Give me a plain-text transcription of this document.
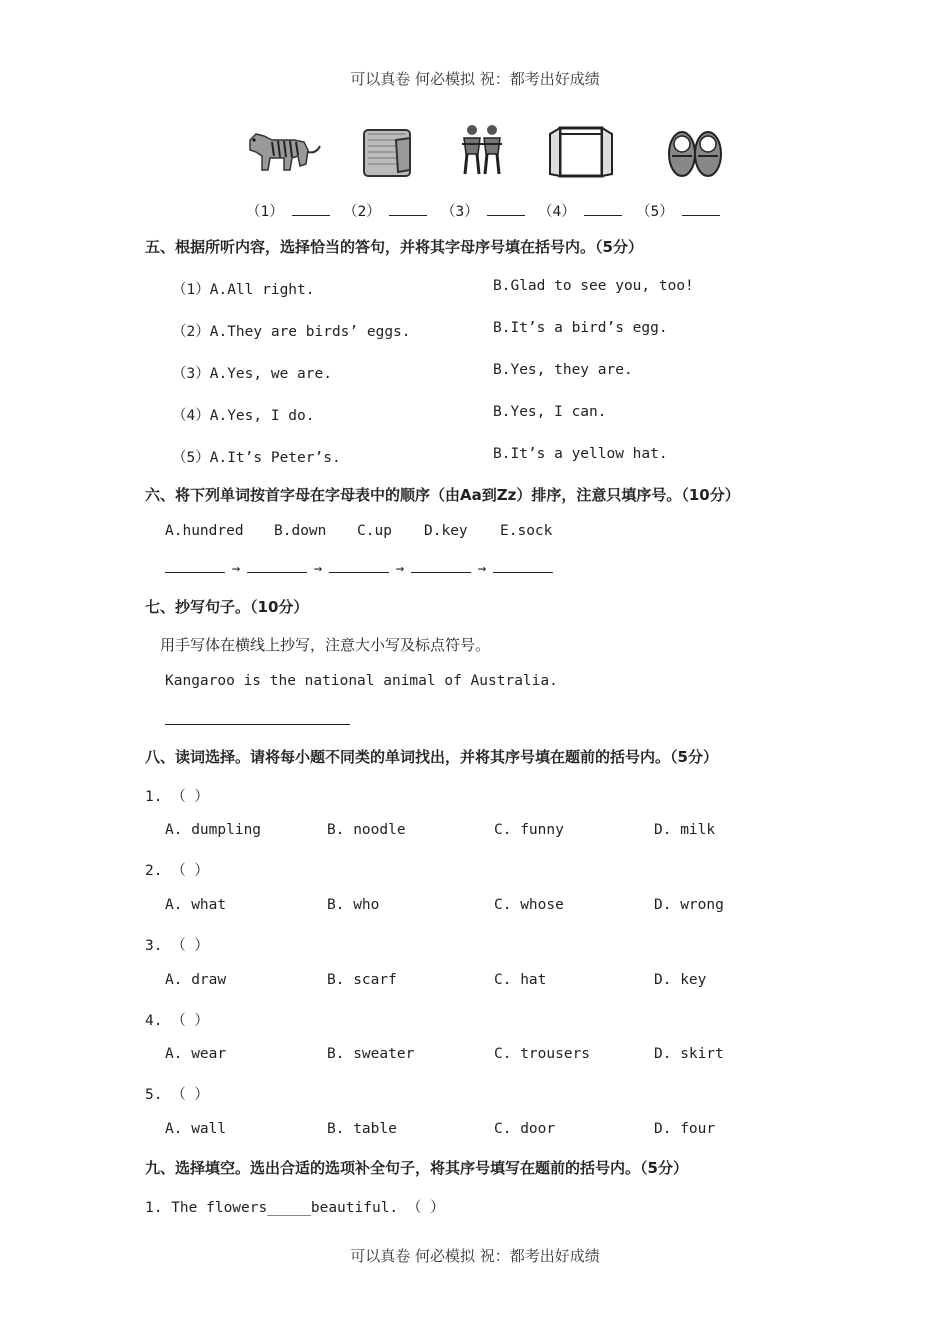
可以真卷 何必模拟 祝：都考出好成绩
（1）	（2）	（3）	（4）	（5）
五、根据所听内容，选择恰当的答句，并将其字母序号填在括号内。（5分）
（1）A.All right.	B.Glad to see you, too!
（2）A.They are birds’ eggs.	B.It’s a bird’s egg.
（3）A.Yes, we are.	B.Yes, they are.
（4）A.Yes, I do.	B.Yes, I can.
（5）A.It’s Peter’s.	B.It’s a yellow hat.
六、将下列单词按首字母在字母表中的顺序（由Aa到Zz）排序，注意只填序号。（10分）
A.hundred B.down C.up D.key E.sock
→	→	→	→
七、抄写句子。（10分）
用手写体在横线上抄写，注意大小写及标点符号。
Kangaroo is the national animal of Australia.
八、读词选择。请将每小题不同类的单词找出，并将其序号填在题前的括号内。（5分）
1. （ ）
A. dumpling	B. noodle	C. funny	D. milk
2. （ ）
A. what	B. who	C. whose	D. wrong
3. （ ）
A. draw	B. scarf	C. hat	D. key
4. （ ）
A. wear	B. sweater	C. trousers	D. skirt
5. （ ）
A. wall	B. table	C. door	D. four
九、选择填空。选出合适的选项补全句子，将其序号填写在题前的括号内。（5分）
1. The flowers_____beautiful. （ ）
可以真卷 何必模拟 祝：都考出好成绩
